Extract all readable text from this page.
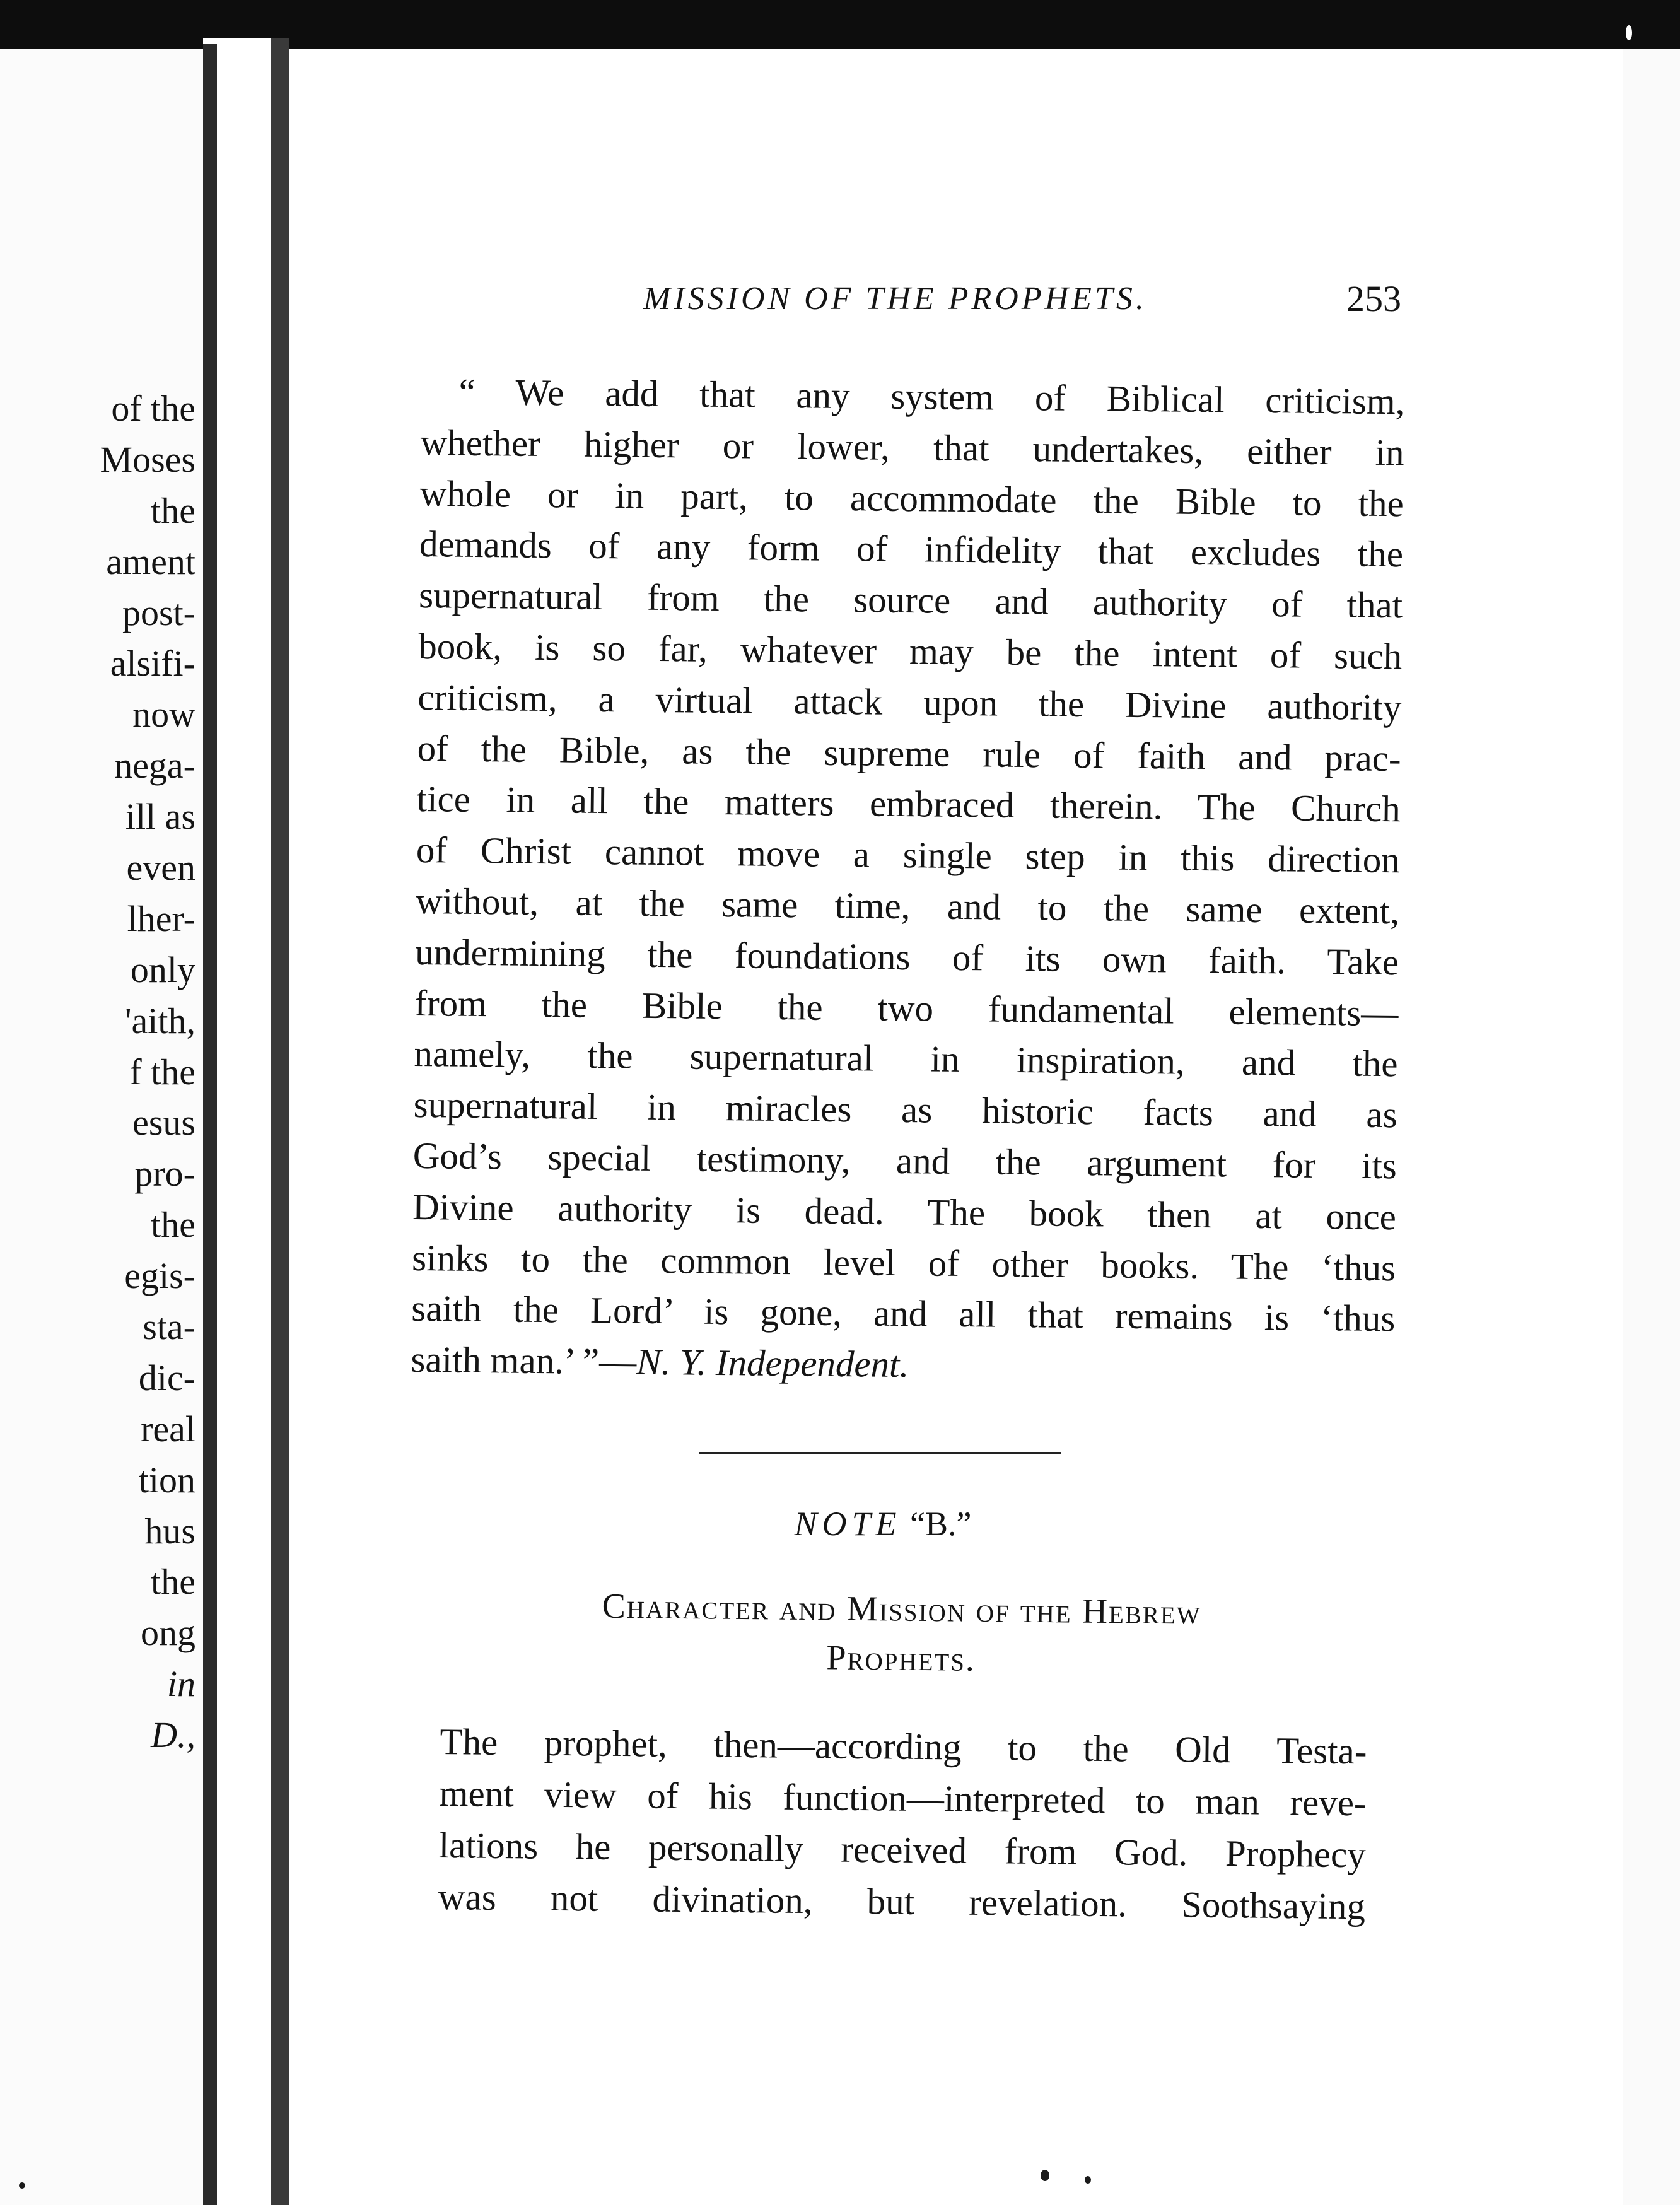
of the
Moses
the
ament
post-
alsifi-
now
nega-
ill as
even
lher-
only
'aith,
f the
esus
pro-
the
egis-
sta-
dic-
real
tion
hus
the
ong
in
D.,
MISSION OF THE PROPHETS.	253
“ We add that any system of Biblical criticism,
whether higher or lower, that undertakes, either in
whole or in part, to accommodate the Bible to the
demands of any form of infidelity that excludes the
supernatural from the source and authority of that
book, is so far, whatever may be the intent of such
criticism, a virtual attack upon the Divine authority
of the Bible, as the supreme rule of faith and prac-
tice in all the matters embraced therein. The Church
of Christ cannot move a single step in this direction
without, at the same time, and to the same extent,
undermining the foundations of its own faith. Take
from the Bible the two fundamental elements—
namely, the supernatural in inspiration, and the
supernatural in miracles as historic facts and as
God’s special testimony, and the argument for its
Divine authority is dead. The book then at once
sinks to the common level of other books. The ‘thus
saith the Lord’ is gone, and all that remains is ‘thus
saith man.’ ”—N. Y. Independent.
NOTE “B.”
Character and Mission of the Hebrew
Prophets.
The prophet, then—according to the Old Testa-
ment view of his function—interpreted to man reve-
lations he personally received from God. Prophecy
was not divination, but revelation. Soothsaying
